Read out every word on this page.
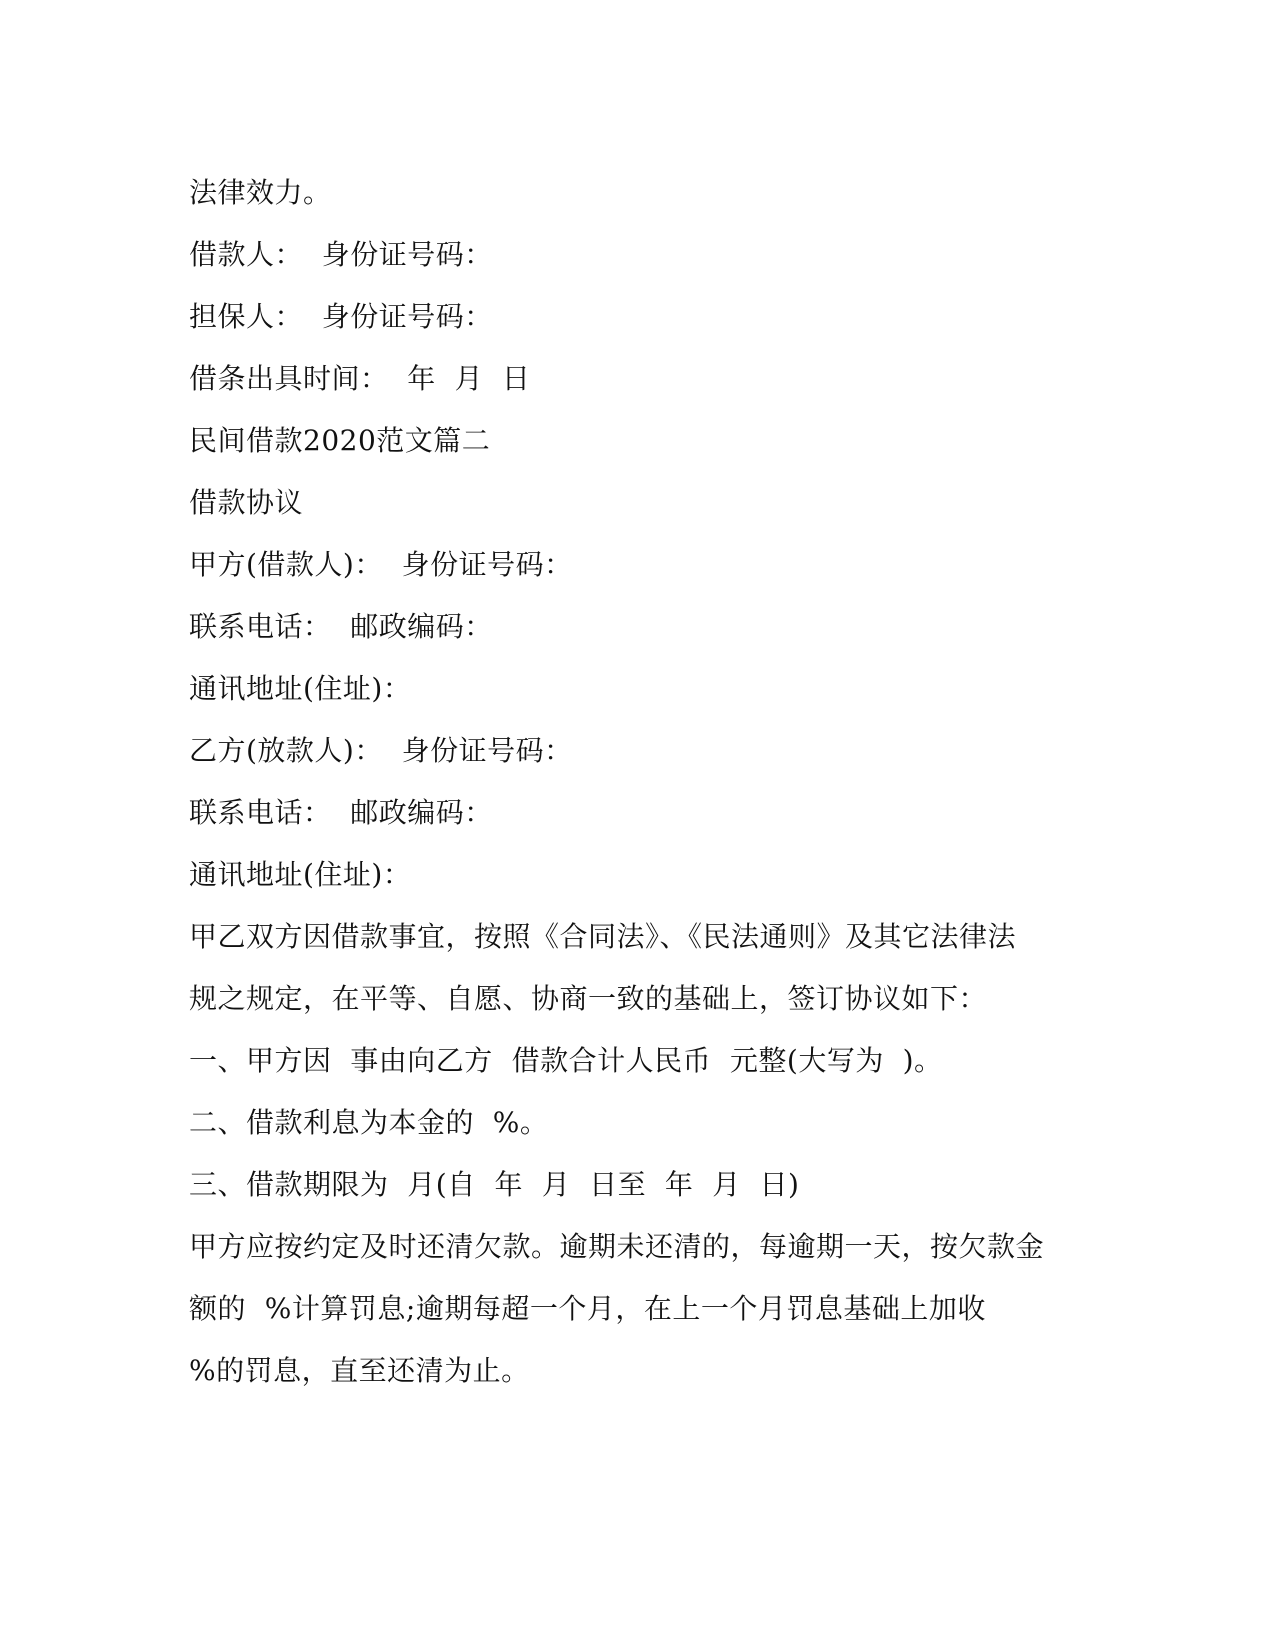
法律效力。
借款人：  身份证号码：
担保人：  身份证号码：
借条出具时间：  年  月  日
民间借款2020范文篇二
借款协议
甲方(借款人)：  身份证号码：
联系电话：  邮政编码：
通讯地址(住址)：
乙方(放款人)：  身份证号码：
联系电话：  邮政编码：
通讯地址(住址)：
甲乙双方因借款事宜，按照《合同法》、《民法通则》及其它法律法
规之规定，在平等、自愿、协商一致的基础上，签订协议如下：
一、甲方因  事由向乙方  借款合计人民币  元整(大写为  )。
二、借款利息为本金的  %。
三、借款期限为  月(自  年  月  日至  年  月  日)
甲方应按约定及时还清欠款。逾期未还清的，每逾期一天，按欠款金
额的  %计算罚息;逾期每超一个月，在上一个月罚息基础上加收
%的罚息，直至还清为止。
